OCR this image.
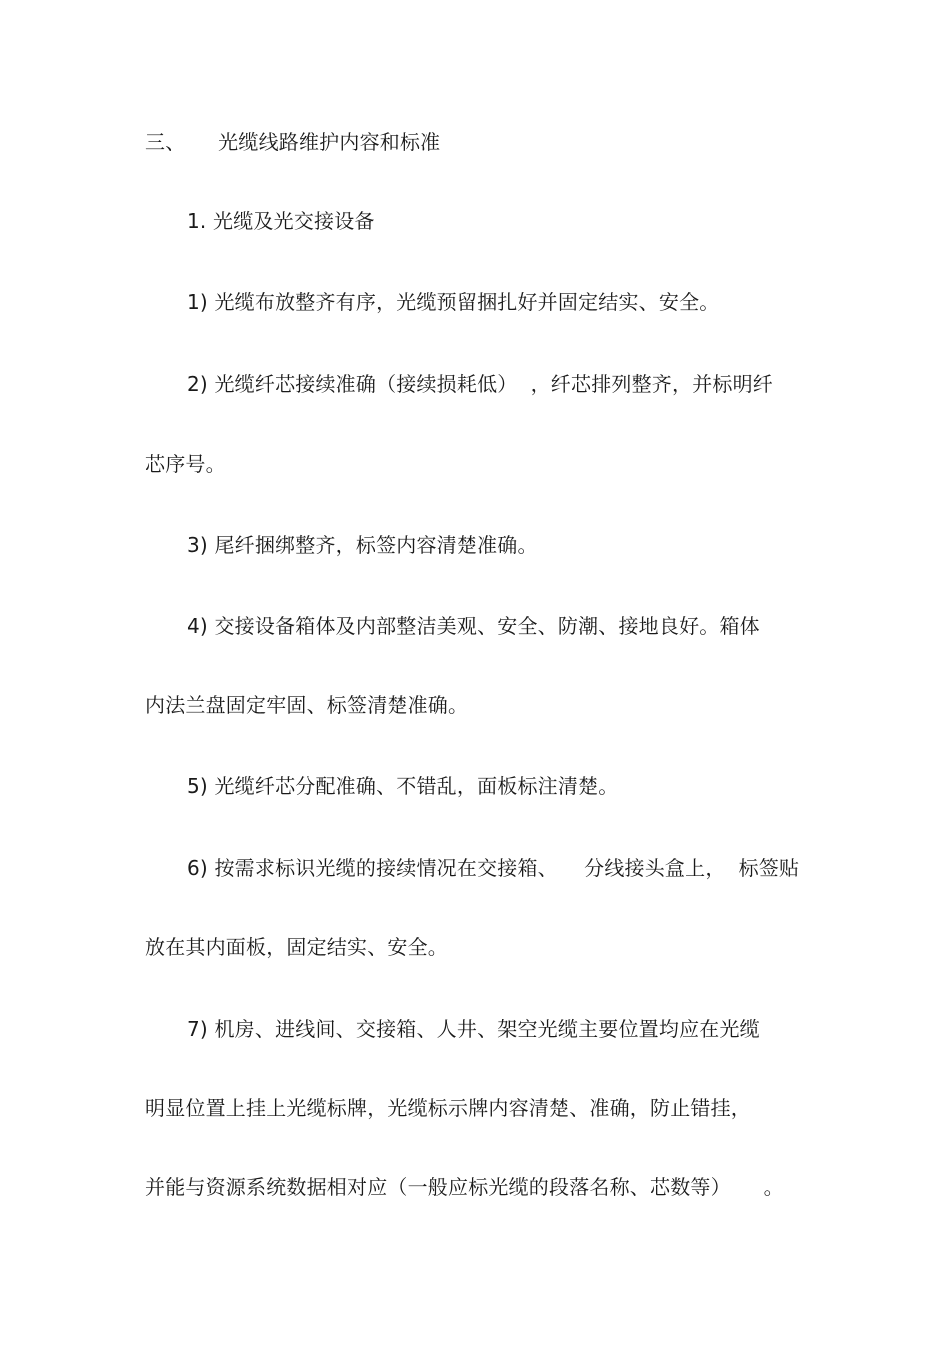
三、     光缆线路维护内容和标准
1. 光缆及光交接设备
1) 光缆布放整齐有序，光缆预留捆扎好并固定结实、安全。
2) 光缆纤芯接续准确（接续损耗低）  ，纤芯排列整齐，并标明纤
芯序号。
3) 尾纤捆绑整齐，标签内容清楚准确。
4) 交接设备箱体及内部整洁美观、安全、防潮、接地良好。箱体
内法兰盘固定牢固、标签清楚准确。
5) 光缆纤芯分配准确、不错乱，面板标注清楚。
6) 按需求标识光缆的接续情况在交接箱、    分线接头盒上，  标签贴
放在其内面板，固定结实、安全。
7) 机房、进线间、交接箱、人井、架空光缆主要位置均应在光缆
明显位置上挂上光缆标牌，光缆标示牌内容清楚、准确，防止错挂，
并能与资源系统数据相对应（一般应标光缆的段落名称、芯数等）     。
